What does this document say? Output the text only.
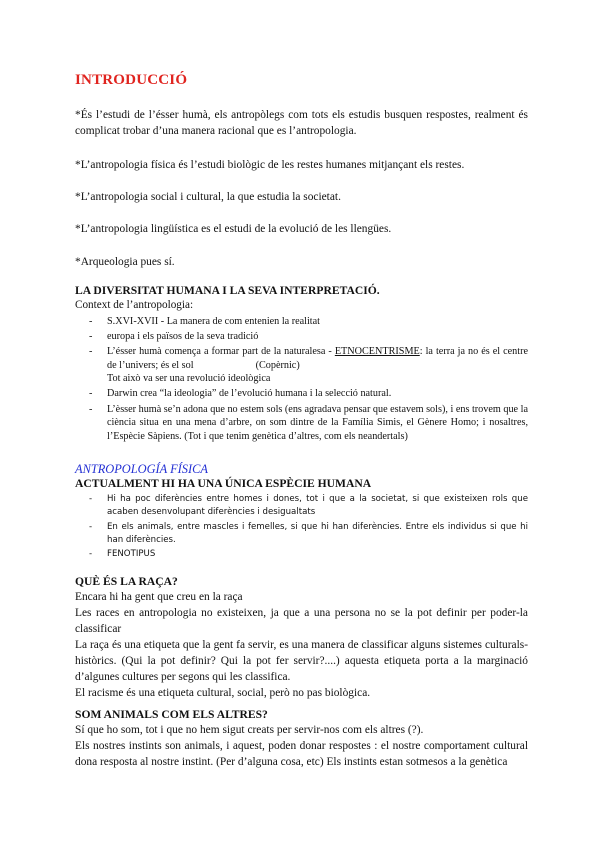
INTRODUCCIÓ
*És l’estudi de l’ésser humà, els antropòlegs com tots els estudis busquen respostes, realment és complicat trobar d’una manera racional que es l’antropologia.
*L’antropologia física és l’estudi biològic de les restes humanes mitjançant els restes.
*L’antropologia social i cultural, la que estudia la societat.
*L’antropologia lingüística es el estudi de la evolució de les llengües.
*Arqueologia pues sí.
LA DIVERSITAT HUMANA I LA SEVA INTERPRETACIÓ.
Context de l’antropologia:
- S.XVI-XVII - La manera de com entenien la realitat
- europa i els països de la seva tradició
- L’ésser humà comença a formar part de la naturalesa - ETNOCENTRISME: la terra ja no és el centre de l’univers; és el sol	(Copèrnic)
Tot això va ser una revolució ideològica
- Darwin crea “la ideologia” de l’evolució humana i la selecció natural.
- L’èsser humà se’n adona que no estem sols (ens agradava pensar que estavem sols), i ens trovem que la ciència situa en una mena d’arbre, on som dintre de la Família Simis, el Gènere Homo; i nosaltres, l’Espècie Sàpiens. (Tot i que tenim genètica d’altres, com els neandertals)
ANTROPOLOGÍA FÍSICA
ACTUALMENT HI HA UNA ÚNICA ESPÈCIE HUMANA
- Hi ha poc diferències entre homes i dones, tot i que a la societat, si que existeixen rols que acaben desenvolupant diferències i desigualtats
- En els animals, entre mascles i femelles, si que hi han diferències. Entre els individus si que hi han diferències.
- FENOTIPUS
QUÈ ÉS LA RAÇA?
Encara hi ha gent que creu en la raça
Les races en antropologia no existeixen, ja que a una persona no se la pot definir per poder-la classificar
La raça és una etiqueta que la gent fa servir, es una manera de classificar alguns sistemes culturals-històrics. (Qui la pot definir? Qui la pot fer servir?....) aquesta etiqueta porta a la marginació d’algunes cultures per segons qui les classifica.
El racisme és una etiqueta cultural, social, però no pas biològica.
SOM ANIMALS COM ELS ALTRES?
Sí que ho som, tot i que no hem sigut creats per servir-nos com els altres (?).
Els nostres instints son animals, i aquest, poden donar respostes : el nostre comportament cultural dona resposta al nostre instint. (Per d’alguna cosa, etc) Els instints estan sotmesos a la genètica
